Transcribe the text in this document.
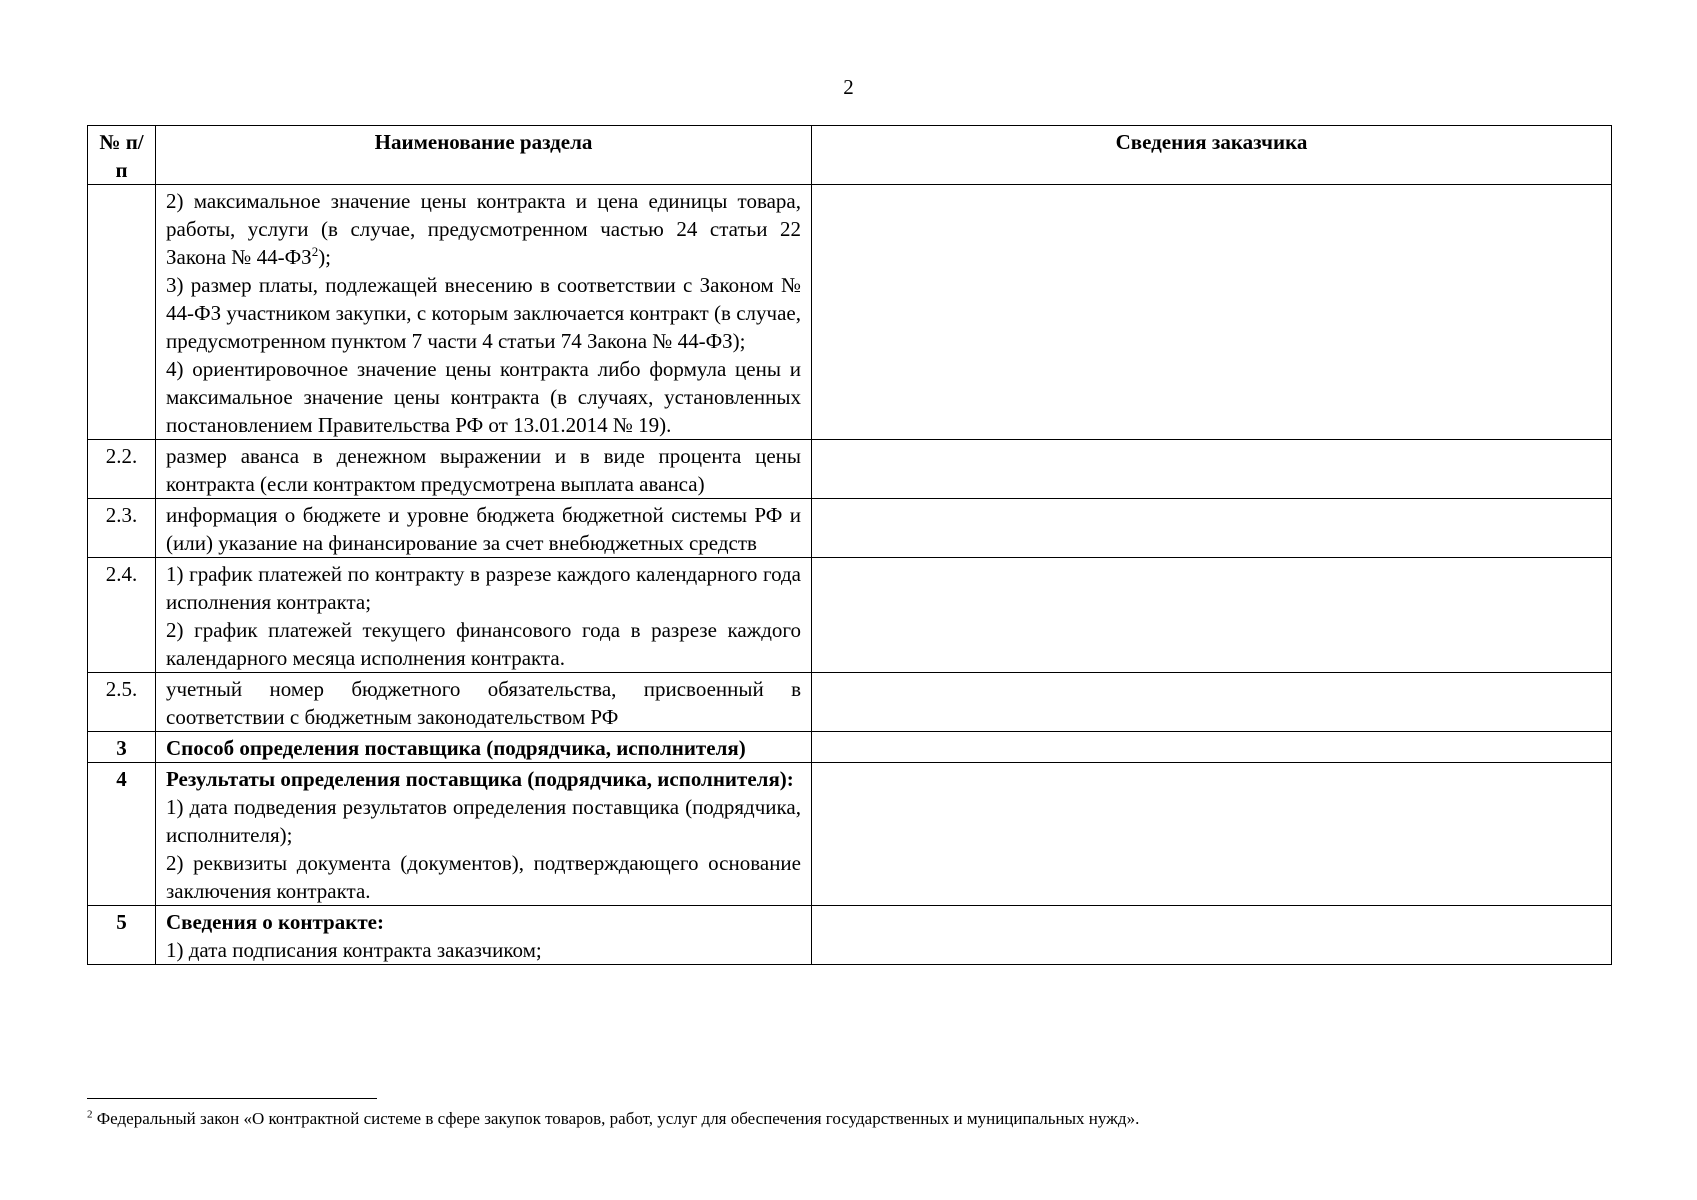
2
№ п/п	Наименование раздела	Сведения заказчика

	2) максимальное значение цены контракта и цена единицы товара, работы, услуги (в случае, предусмотренном частью 24 статьи 22 Закона № $44-ФЗ^2$);
3) размер платы, подлежащей внесению в соответствии с Законом № 44-ФЗ участником закупки, с которым заключается контракт (в случае, предусмотренном пунктом 7 части 4 статьи 74 Закона № 44-ФЗ);
4) ориентировочное значение цены контракта либо формула цены и максимальное значение цены контракта (в случаях, установленных постановлением Правительства РФ от 13.01.2014 № 19).	

2.2.	размер аванса в денежном выражении и в виде процента цены контракта (если контрактом предусмотрена выплата аванса)	

2.3.	информация о бюджете и уровне бюджета бюджетной системы РФ и (или) указание на финансирование за счет внебюджетных средств	

2.4.	1) график платежей по контракту в разрезе каждого календарного года исполнения контракта;
2) график платежей текущего финансового года в разрезе каждого календарного месяца исполнения контракта.	

2.5.	учетный номер бюджетного обязательства, присвоенный в соответствии с бюджетным законодательством РФ	

3	Способ определения поставщика (подрядчика, исполнителя)	

4	Результаты определения поставщика (подрядчика, исполнителя):
1) дата подведения результатов определения поставщика (подрядчика, исполнителя);
2) реквизиты документа (документов), подтверждающего основание заключения контракта.	

5	Сведения о контракте:
1) дата подписания контракта заказчиком;	

$^2$ Федеральный закон «О контрактной системе в сфере закупок товаров, работ, услуг для обеспечения государственных и муниципальных нужд».
